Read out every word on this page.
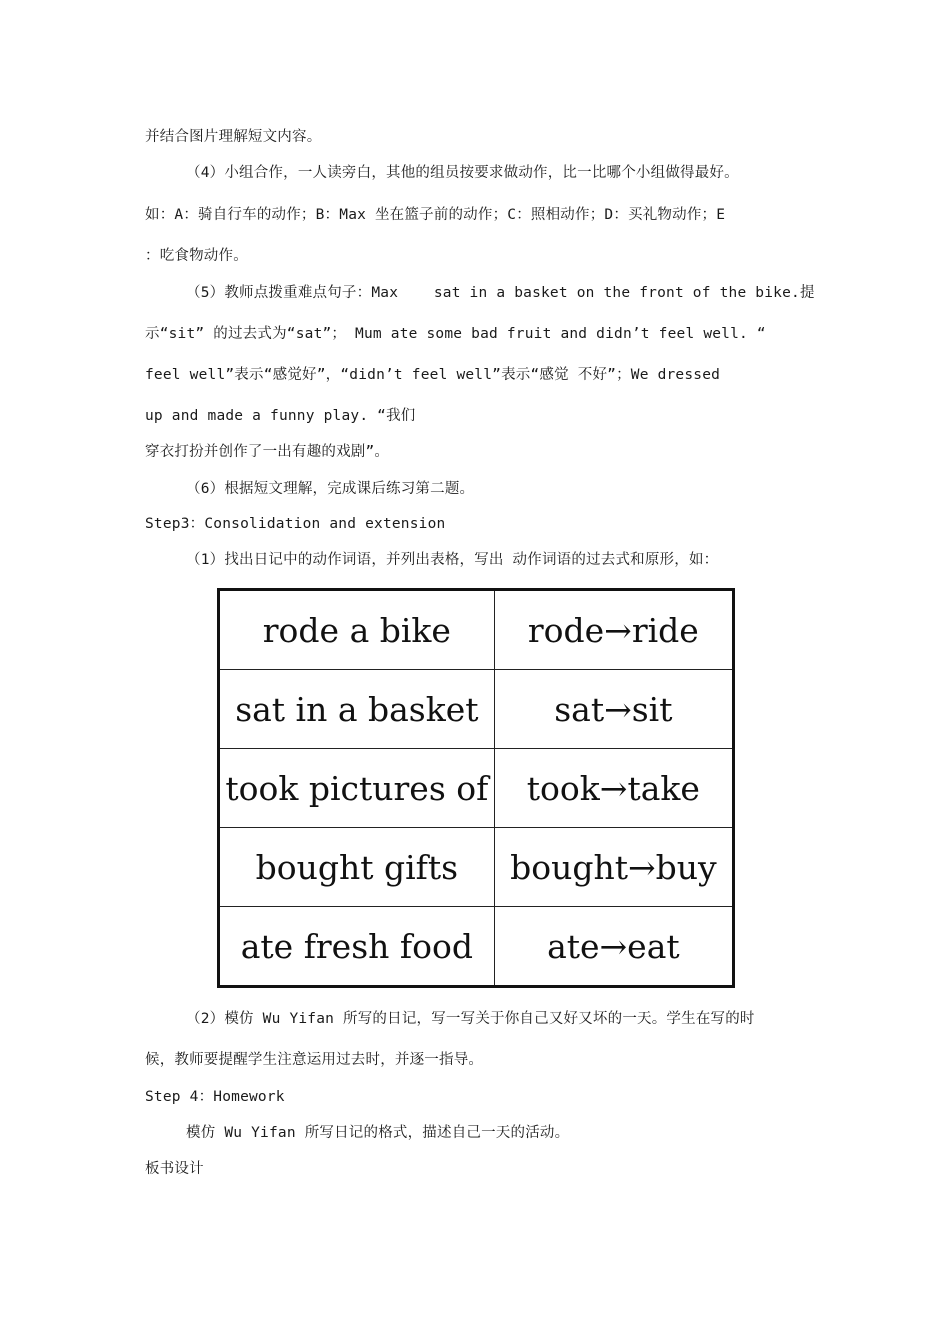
并结合图片理解短文内容。
（4）小组合作，一人读旁白，其他的组员按要求做动作，比一比哪个小组做得最好。
如：A：骑自行车的动作；B：Max 坐在篮子前的动作；C：照相动作；D：买礼物动作；E
：吃食物动作。
（5）教师点拨重难点句子：Max    sat in a basket on the front of the bike.提
示“sit” 的过去式为“sat”； Mum ate some bad fruit and didn’t feel well. “
feel well”表示“感觉好”，“didn’t feel well”表示“感觉 不好”；We dressed
up and made a funny play. “我们
穿衣打扮并创作了一出有趣的戏剧”。
（6）根据短文理解，完成课后练习第二题。
Step3：Consolidation and extension
（1）找出日记中的动作词语，并列出表格，写出 动作词语的过去式和原形，如：
rode a bike	rode→ride
sat in a basket	sat→sit
took pictures of	took→take
bought gifts	bought→buy
ate fresh food	ate→eat
（2）模仿 Wu Yifan 所写的日记，写一写关于你自己又好又坏的一天。学生在写的时
候，教师要提醒学生注意运用过去时，并逐一指导。
Step 4：Homework
模仿 Wu Yifan 所写日记的格式，描述自己一天的活动。
板书设计
